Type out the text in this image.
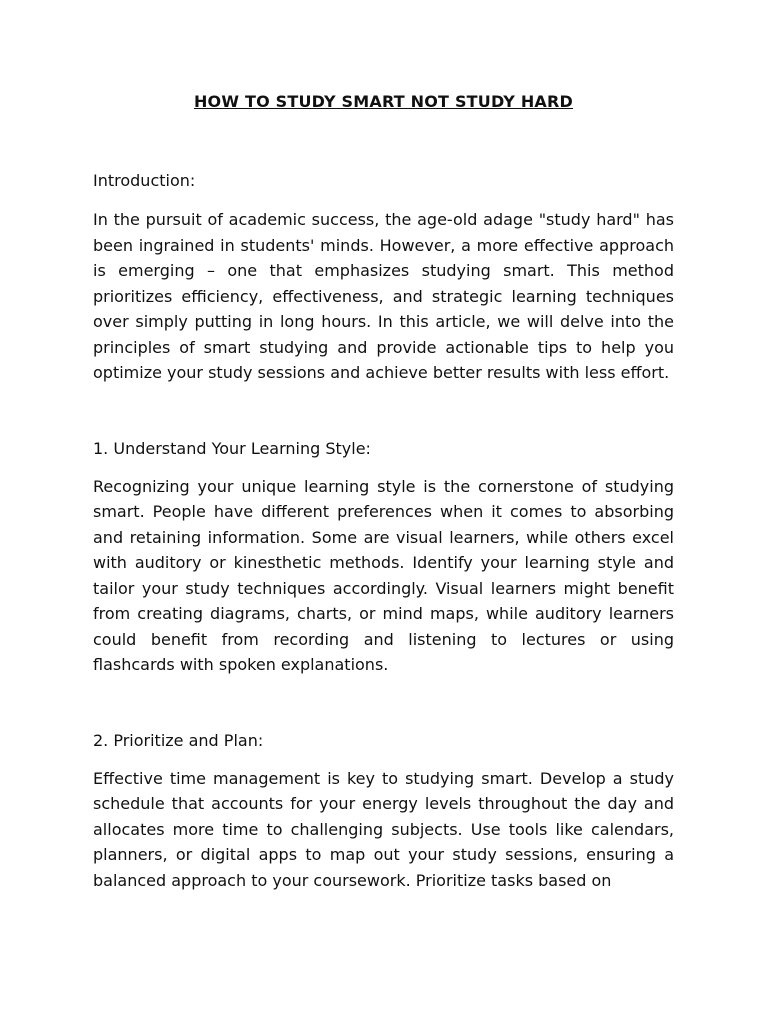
HOW TO STUDY SMART NOT STUDY HARD

Introduction:

In the pursuit of academic success, the age-old adage "study hard" has been ingrained in students' minds. However, a more effective approach is emerging – one that emphasizes studying smart. This method prioritizes efficiency, effectiveness, and strategic learning techniques over simply putting in long hours. In this article, we will delve into the principles of smart studying and provide actionable tips to help you optimize your study sessions and achieve better results with less effort.

1. Understand Your Learning Style:

Recognizing your unique learning style is the cornerstone of studying smart. People have different preferences when it comes to absorbing and retaining information. Some are visual learners, while others excel with auditory or kinesthetic methods. Identify your learning style and tailor your study techniques accordingly. Visual learners might benefit from creating diagrams, charts, or mind maps, while auditory learners could benefit from recording and listening to lectures or using flashcards with spoken explanations.

2. Prioritize and Plan:

Effective time management is key to studying smart. Develop a study schedule that accounts for your energy levels throughout the day and allocates more time to challenging subjects. Use tools like calendars, planners, or digital apps to map out your study sessions, ensuring a balanced approach to your coursework. Prioritize tasks based on
